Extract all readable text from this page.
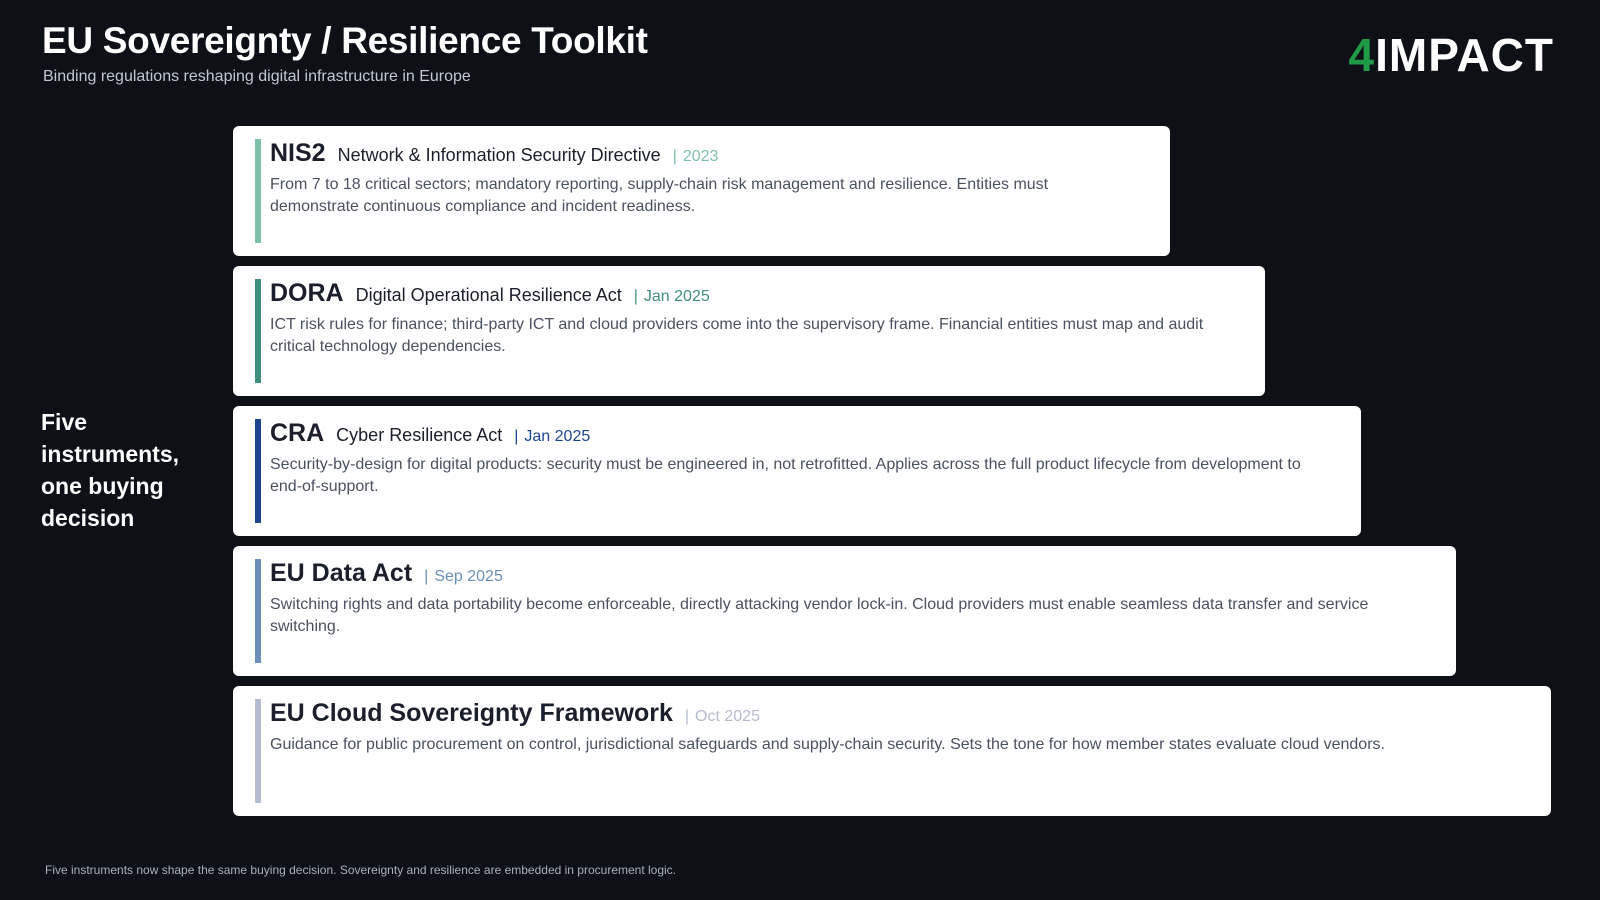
EU Sovereignty / Resilience Toolkit
Binding regulations reshaping digital infrastructure in Europe	4 IMPACT
Five instruments, one buying decision
NIS2 Network & Information Security Directive | 2023
From 7 to 18 critical sectors; mandatory reporting, supply-chain risk management and resilience. Entities must demonstrate continuous compliance and incident readiness.
DORA Digital Operational Resilience Act | Jan 2025
ICT risk rules for finance; third-party ICT and cloud providers come into the supervisory frame. Financial entities must map and audit critical technology dependencies.
CRA Cyber Resilience Act | Jan 2025
Security-by-design for digital products: security must be engineered in, not retrofitted. Applies across the full product lifecycle from development to end-of-support.
EU Data Act | Sep 2025
Switching rights and data portability become enforceable, directly attacking vendor lock-in. Cloud providers must enable seamless data transfer and service switching.
EU Cloud Sovereignty Framework | Oct 2025
Guidance for public procurement on control, jurisdictional safeguards and supply-chain security. Sets the tone for how member states evaluate cloud vendors.
Five instruments now shape the same buying decision. Sovereignty and resilience are embedded in procurement logic.
